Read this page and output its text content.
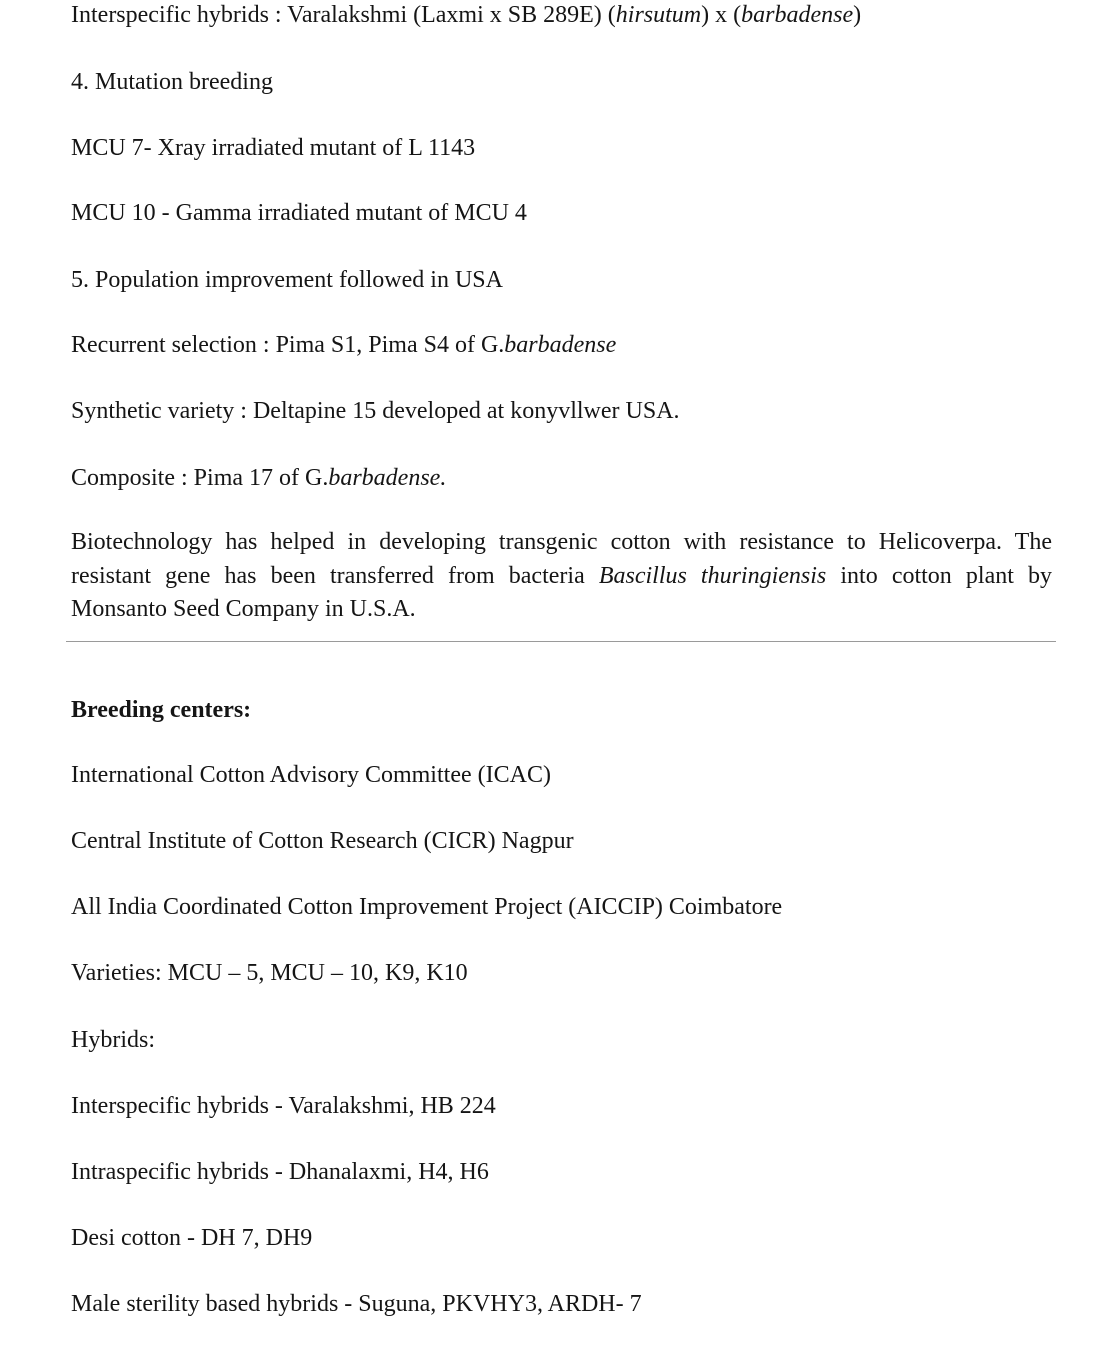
Interspecific hybrids : Varalakshmi (Laxmi x SB 289E) (hirsutum) x (barbadense)
4. Mutation breeding
MCU 7- Xray irradiated mutant of L 1143
MCU 10 - Gamma irradiated mutant of MCU 4
5. Population improvement followed in USA
Recurrent selection : Pima S1, Pima S4 of G.barbadense
Synthetic variety : Deltapine 15 developed at konyvllwer USA.
Composite : Pima 17 of G.barbadense.
Biotechnology has helped in developing transgenic cotton with resistance to Helicoverpa. The resistant gene has been transferred from bacteria Bascillus thuringiensis into cotton plant by Monsanto Seed Company in U.S.A.
Breeding centers:
International Cotton Advisory Committee (ICAC)
Central Institute of Cotton Research (CICR) Nagpur
All India Coordinated Cotton Improvement Project (AICCIP) Coimbatore
Varieties: MCU – 5, MCU – 10, K9, K10
Hybrids:
Interspecific hybrids - Varalakshmi, HB 224
Intraspecific hybrids - Dhanalaxmi, H4, H6
Desi cotton - DH 7, DH9
Male sterility based hybrids - Suguna, PKVHY3, ARDH- 7
